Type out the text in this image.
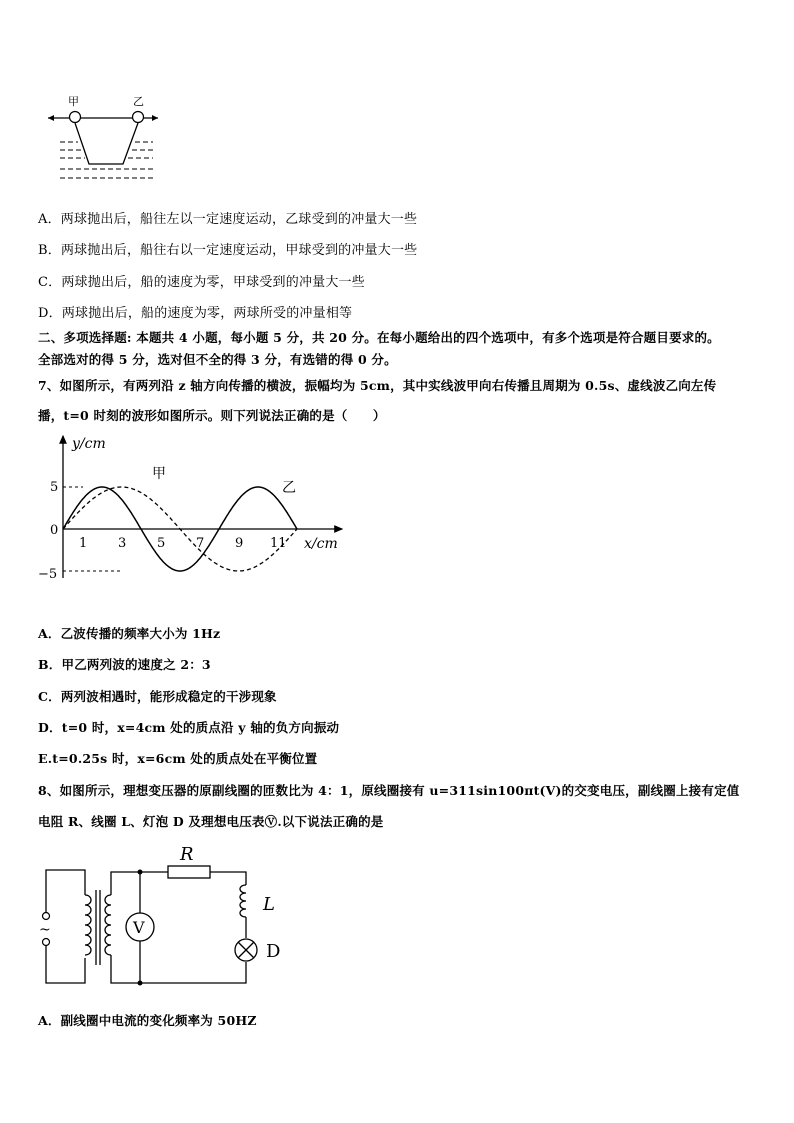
甲	乙
A．两球抛出后，船往左以一定速度运动，乙球受到的冲量大一些
B．两球抛出后，船往右以一定速度运动，甲球受到的冲量大一些
C．两球抛出后，船的速度为零，甲球受到的冲量大一些
D．两球抛出后，船的速度为零，两球所受的冲量相等
二、多项选择题: 本题共 4 小题，每小题 5 分，共 20 分。在每小题给出的四个选项中，有多个选项是符合题目要求的。
全部选对的得 5 分，选对但不全的得 3 分，有选错的得 0 分。
7、如图所示，有两列沿 z 轴方向传播的横波，振幅均为 5cm，其中实线波甲向右传播且周期为 0.5s、虚线波乙向左传
播，t=0 时刻的波形如图所示。则下列说法正确的是（　　）
y/cm
x/cm
5
0
−5
1 3 5 7 9 11
甲
乙
A．乙波传播的频率大小为 1Hz
B．甲乙两列波的速度之 2：3
C．两列波相遇时，能形成稳定的干涉现象
D．t=0 时，x=4cm 处的质点沿 y 轴的负方向振动
E.t=0.25s 时，x=6cm 处的质点处在平衡位置
8、如图所示，理想变压器的原副线圈的匝数比为 4：1，原线圈接有 u=311sin100πt(V)的交变电压，副线圈上接有定值
电阻 R、线圈 L、灯泡 D 及理想电压表Ⓥ.以下说法正确的是
~	V
R
L
D
A．副线圈中电流的变化频率为 50HZ
